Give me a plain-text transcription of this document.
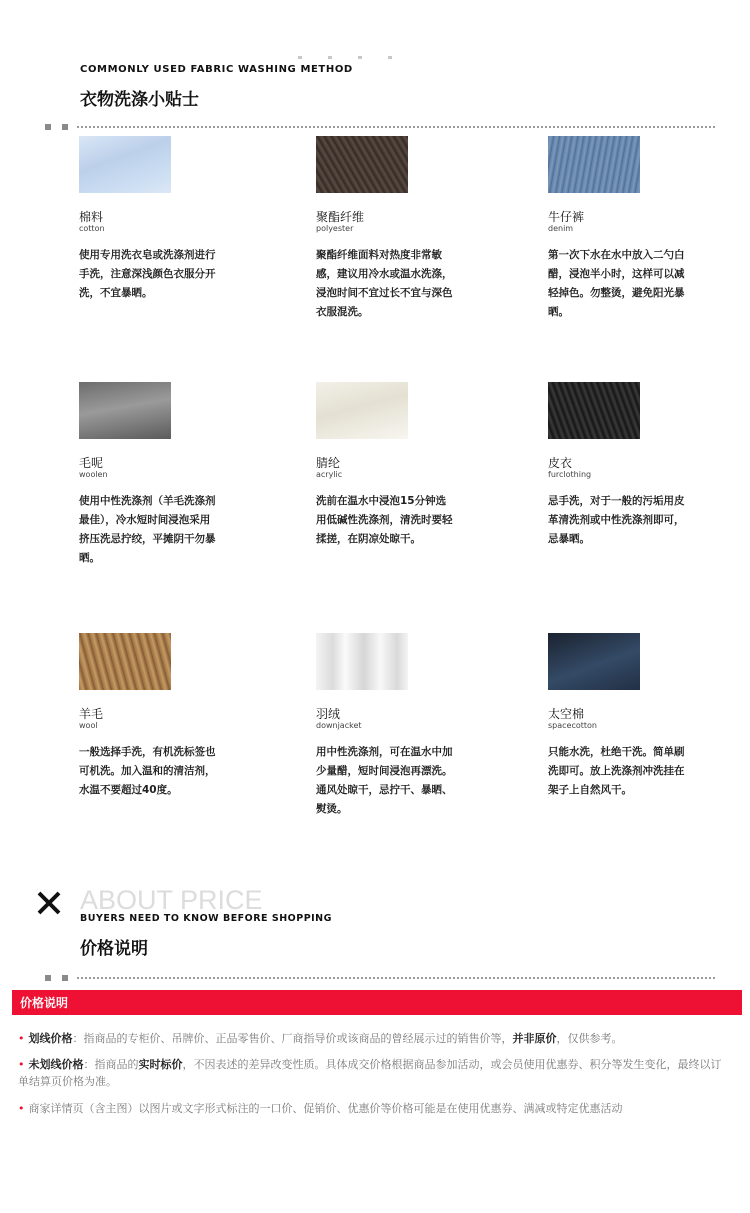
COMMONLY USED FABRIC WASHING METHOD
衣物洗涤小贴士
棉料
cotton
使用专用洗衣皂或洗涤剂进行手洗，注意深浅颜色衣服分开洗，不宜暴晒。
聚酯纤维
polyester
聚酯纤维面料对热度非常敏感，建议用冷水或温水洗涤，浸泡时间不宜过长不宜与深色衣服混洗。
牛仔裤
denim
第一次下水在水中放入二勺白醋，浸泡半小时，这样可以减轻掉色。勿整烫，避免阳光暴晒。
毛呢
woolen
使用中性洗涤剂（羊毛洗涤剂最佳），冷水短时间浸泡采用挤压洗忌拧绞，平摊阴干勿暴晒。
腈纶
acrylic
洗前在温水中浸泡15分钟选用低碱性洗涤剂，清洗时要轻揉搓，在阴凉处晾干。
皮衣
furclothing
忌手洗，对于一般的污垢用皮革清洗剂或中性洗涤剂即可，忌暴晒。
羊毛
wool
一般选择手洗，有机洗标签也可机洗。加入温和的清洁剂，水温不要超过40度。
羽绒
downjacket
用中性洗涤剂，可在温水中加少量醋，短时间浸泡再漂洗。通风处晾干，忌拧干、暴晒、熨烫。
太空棉
spacecotton
只能水洗，杜绝干洗。简单刷洗即可。放上洗涤剂冲洗挂在架子上自然风干。
ABOUT PRICE
BUYERS NEED TO KNOW BEFORE SHOPPING
价格说明
价格说明
• 划线价格：指商品的专柜价、吊牌价、正品零售价、厂商指导价或该商品的曾经展示过的销售价等，并非原价，仅供参考。
• 未划线价格：指商品的实时标价，不因表述的差异改变性质。具体成交价格根据商品参加活动，或会员使用优惠券、积分等发生变化，最终以订单结算页价格为准。
• 商家详情页（含主图）以图片或文字形式标注的一口价、促销价、优惠价等价格可能是在使用优惠券、满减或特定优惠活动
